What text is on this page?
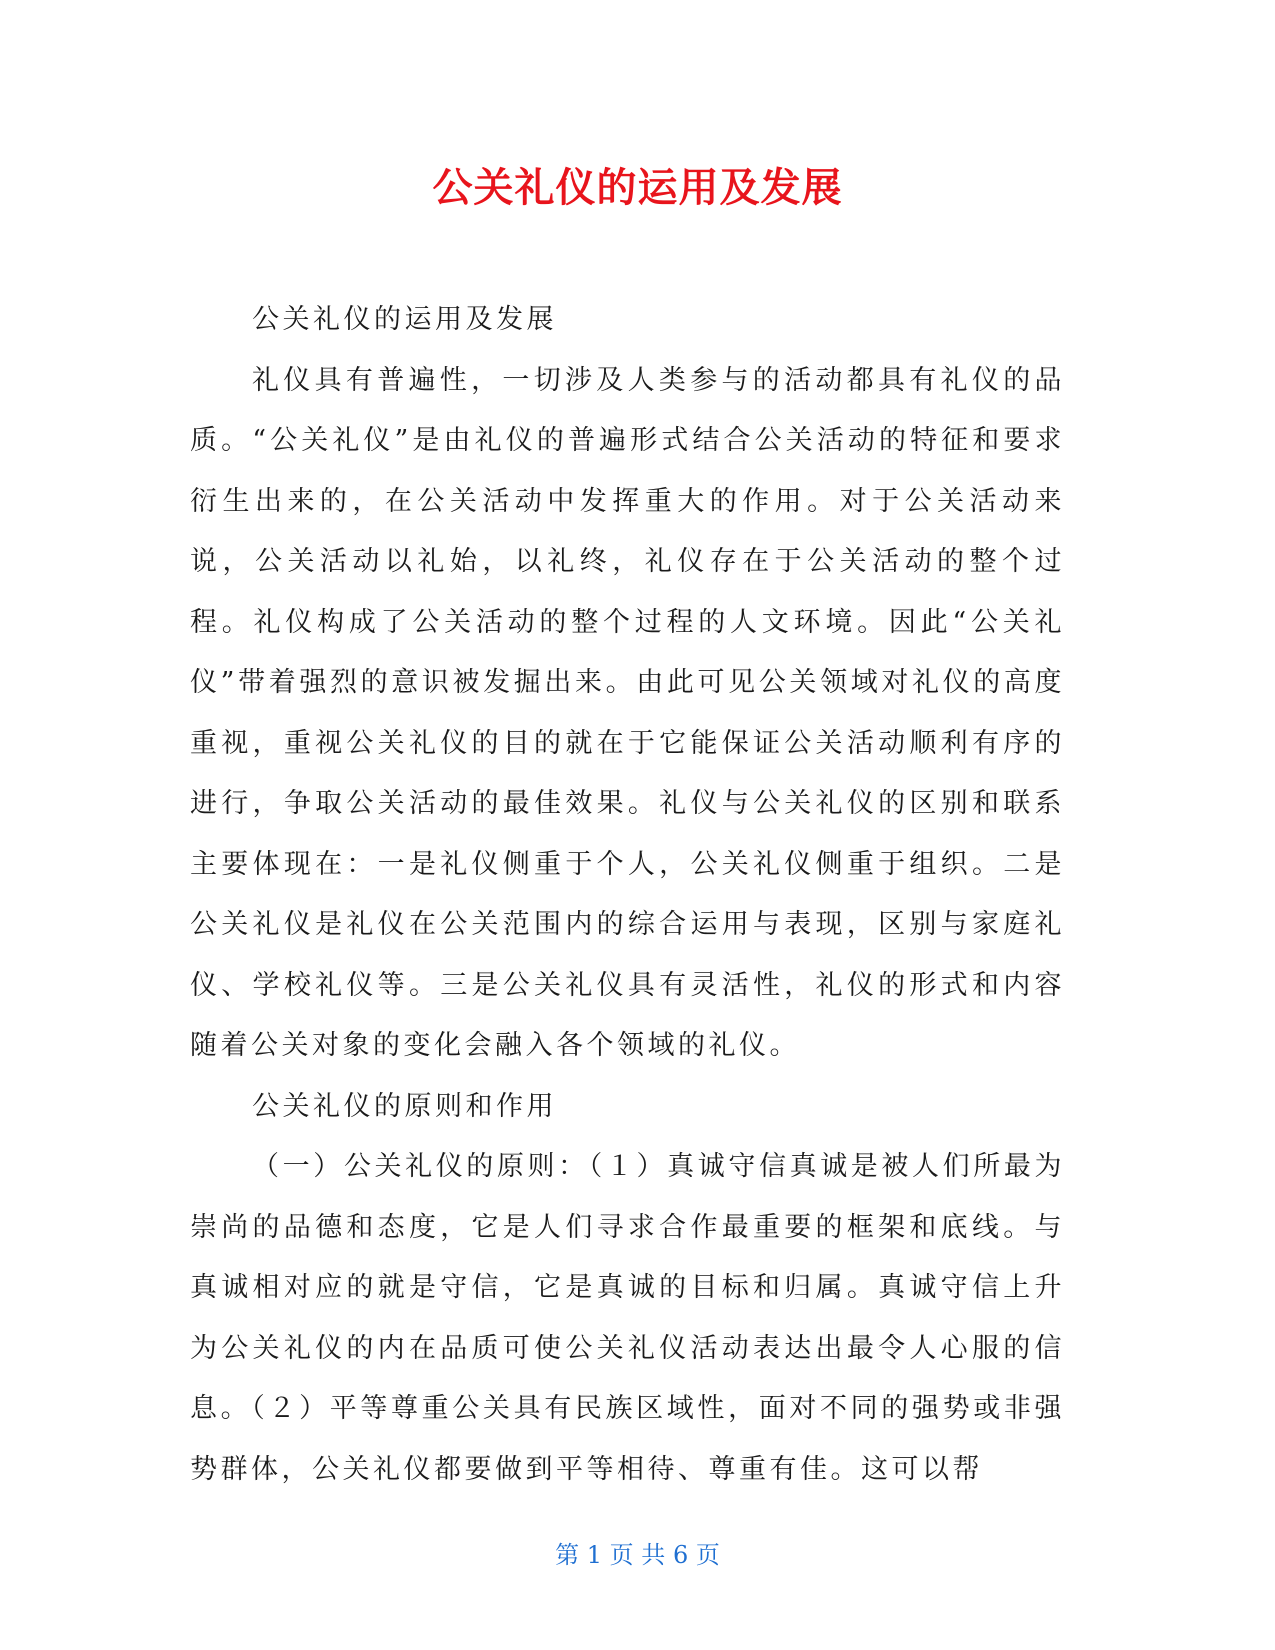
公关礼仪的运用及发展

公关礼仪的运用及发展

礼仪具有普遍性，一切涉及人类参与的活动都具有礼仪的品质。“公关礼仪”是由礼仪的普遍形式结合公关活动的特征和要求衍生出来的，在公关活动中发挥重大的作用。对于公关活动来说，公关活动以礼始，以礼终，礼仪存在于公关活动的整个过程。礼仪构成了公关活动的整个过程的人文环境。因此“公关礼仪”带着强烈的意识被发掘出来。由此可见公关领域对礼仪的高度重视，重视公关礼仪的目的就在于它能保证公关活动顺利有序的进行，争取公关活动的最佳效果。礼仪与公关礼仪的区别和联系主要体现在：一是礼仪侧重于个人，公关礼仪侧重于组织。二是公关礼仪是礼仪在公关范围内的综合运用与表现，区别与家庭礼仪、学校礼仪等。三是公关礼仪具有灵活性，礼仪的形式和内容随着公关对象的变化会融入各个领域的礼仪。

公关礼仪的原则和作用

（一）公关礼仪的原则：（１）真诚守信真诚是被人们所最为崇尚的品德和态度，它是人们寻求合作最重要的框架和底线。与真诚相对应的就是守信，它是真诚的目标和归属。真诚守信上升为公关礼仪的内在品质可使公关礼仪活动表达出最令人心服的信息。（２）平等尊重公关具有民族区域性，面对不同的强势或非强势群体，公关礼仪都要做到平等相待、尊重有佳。这可以帮

第 1 页 共 6 页
